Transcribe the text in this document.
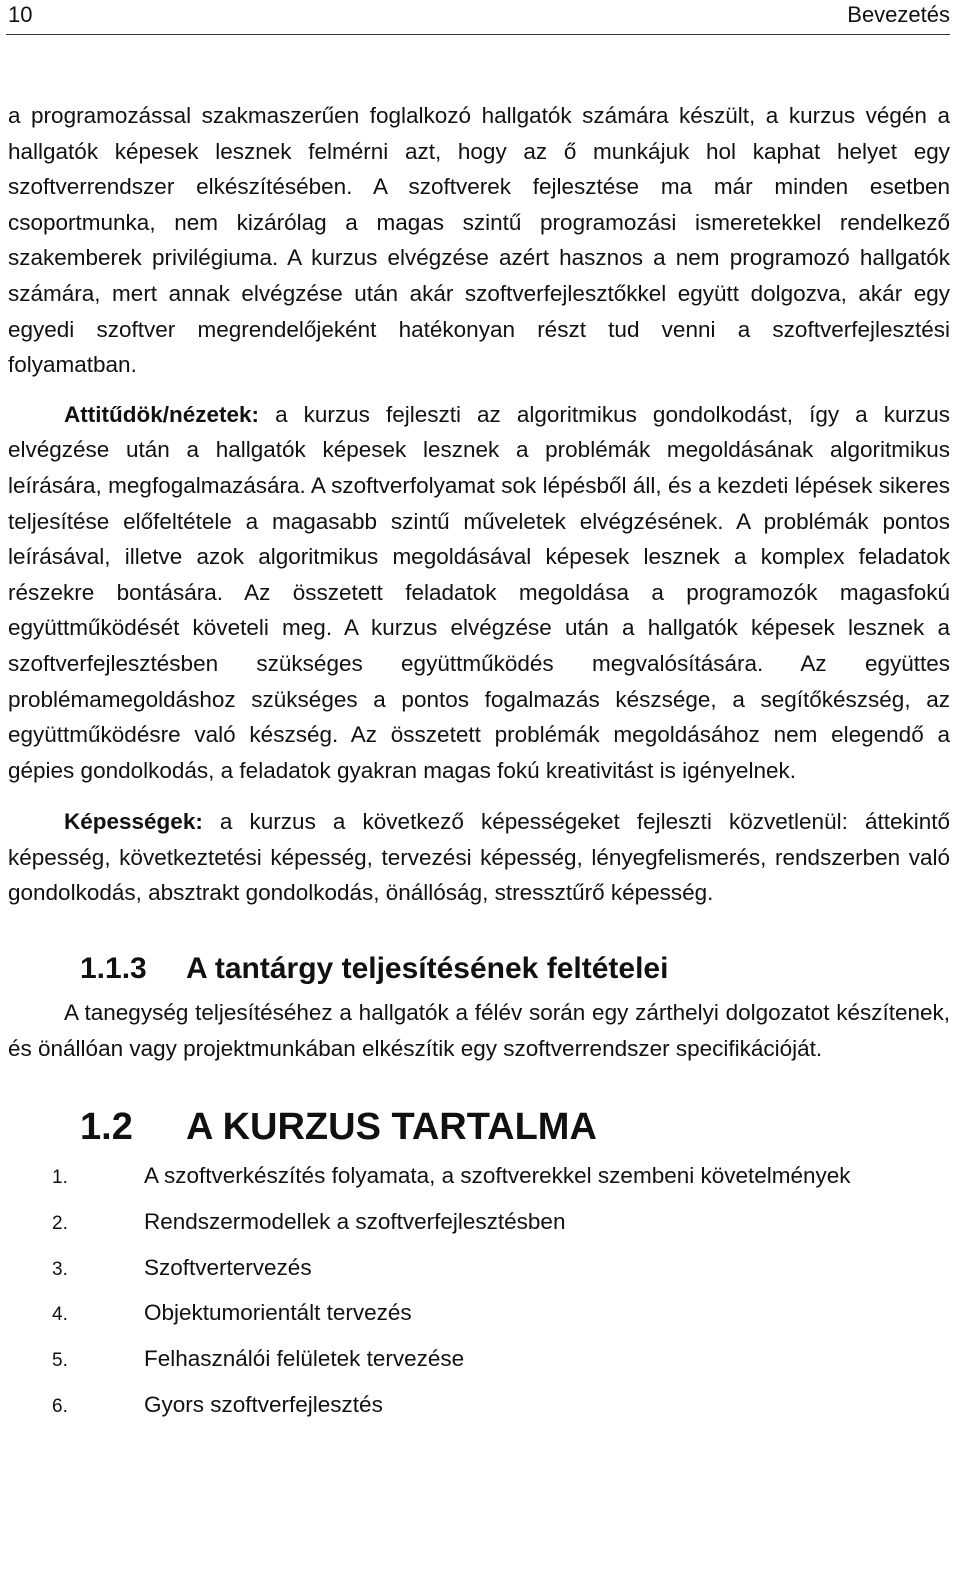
10	Bevezetés

a programozással szakmaszerűen foglalkozó hallgatók számára készült, a kurzus végén a hallgatók képesek lesznek felmérni azt, hogy az ő munkájuk hol kaphat helyet egy szoftverrendszer elkészítésében. A szoftverek fejlesztése ma már minden esetben csoportmunka, nem kizárólag a magas szintű programozási ismeretekkel rendelkező szakemberek privilégiuma. A kurzus elvégzése azért hasznos a nem programozó hallgatók számára, mert annak elvégzése után akár szoftverfejlesztőkkel együtt dolgozva, akár egy egyedi szoftver megrendelőjeként hatékonyan részt tud venni a szoftverfejlesztési folyamatban.

Attitűdök/nézetek: a kurzus fejleszti az algoritmikus gondolkodást, így a kurzus elvégzése után a hallgatók képesek lesznek a problémák megoldásának algoritmikus leírására, megfogalmazására. A szoftverfolyamat sok lépésből áll, és a kezdeti lépések sikeres teljesítése előfeltétele a magasabb szintű műveletek elvégzésének. A problémák pontos leírásával, illetve azok algoritmikus megoldásával képesek lesznek a komplex feladatok részekre bontására. Az összetett feladatok megoldása a programozók magasfokú együttműködését követeli meg. A kurzus elvégzése után a hallgatók képesek lesznek a szoftverfejlesztésben szükséges együttműködés megvalósítására. Az együttes problémamegoldáshoz szükséges a pontos fogalmazás készsége, a segítőkészség, az együttműködésre való készség. Az összetett problémák megoldásához nem elegendő a gépies gondolkodás, a feladatok gyakran magas fokú kreativitást is igényelnek.

Képességek: a kurzus a következő képességeket fejleszti közvetlenül: áttekintő képesség, következtetési képesség, tervezési képesség, lényegfelismerés, rendszerben való gondolkodás, absztrakt gondolkodás, önállóság, stressztűrő képesség.

1.1.3 A tantárgy teljesítésének feltételei

A tanegység teljesítéséhez a hallgatók a félév során egy zárthelyi dolgozatot készítenek, és önállóan vagy projektmunkában elkészítik egy szoftverrendszer specifikációját.

1.2 A KURZUS TARTALMA
1.	A szoftverkészítés folyamata, a szoftverekkel szembeni követelmények
2.	Rendszermodellek a szoftverfejlesztésben
3.	Szoftvertervezés
4.	Objektumorientált tervezés
5.	Felhasználói felületek tervezése
6.	Gyors szoftverfejlesztés
